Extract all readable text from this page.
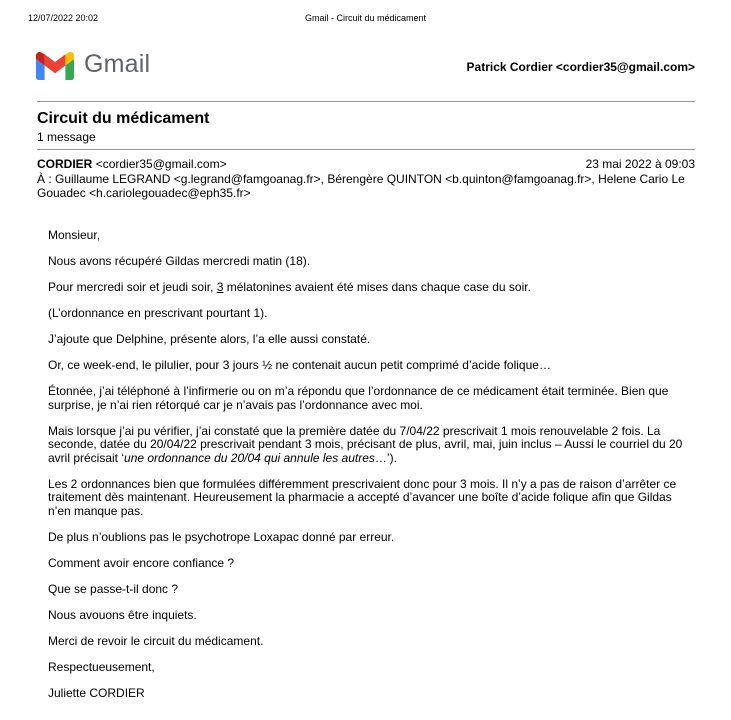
12/07/2022 20:02	Gmail - Circuit du médicament
Gmail	Patrick Cordier <cordier35@gmail.com>
Circuit du médicament
1 message
CORDIER <cordier35@gmail.com>	23 mai 2022 à 09:03
À : Guillaume LEGRAND <g.legrand@famgoanag.fr>, Bérengère QUINTON <b.quinton@famgoanag.fr>, Helene Cario Le Gouadec <h.cariolegouadec@eph35.fr>

Monsieur,

Nous avons récupéré Gildas mercredi matin (18).

Pour mercredi soir et jeudi soir, 3 mélatonines avaient été mises dans chaque case du soir.

(L’ordonnance en prescrivant pourtant 1).

J’ajoute que Delphine, présente alors, l’a elle aussi constaté.

Or, ce week-end, le pilulier, pour 3 jours ½ ne contenait aucun petit comprimé d’acide folique…

Étonnée, j’ai téléphoné à l’infirmerie ou on m’a répondu que l’ordonnance de ce médicament était terminée. Bien que surprise, je n’ai rien rétorqué car je n’avais pas l’ordonnance avec moi.

Mais lorsque j’ai pu vérifier, j’ai constaté que la première datée du 7/04/22 prescrivait 1 mois renouvelable 2 fois. La seconde, datée du 20/04/22 prescrivait pendant 3 mois, précisant de plus, avril, mai, juin inclus – Aussi le courriel du 20 avril précisait ‘une ordonnance du 20/04 qui annule les autres…’).

Les 2 ordonnances bien que formulées différemment prescrivaient donc pour 3 mois. Il n’y a pas de raison d’arrêter ce traitement dès maintenant. Heureusement la pharmacie a accepté d’avancer une boîte d’acide folique afin que Gildas n’en manque pas.

De plus n’oublions pas le psychotrope Loxapac donné par erreur.

Comment avoir encore confiance ?

Que se passe-t-il donc ?

Nous avouons être inquiets.

Merci de revoir le circuit du médicament.

Respectueusement,

Juliette CORDIER
